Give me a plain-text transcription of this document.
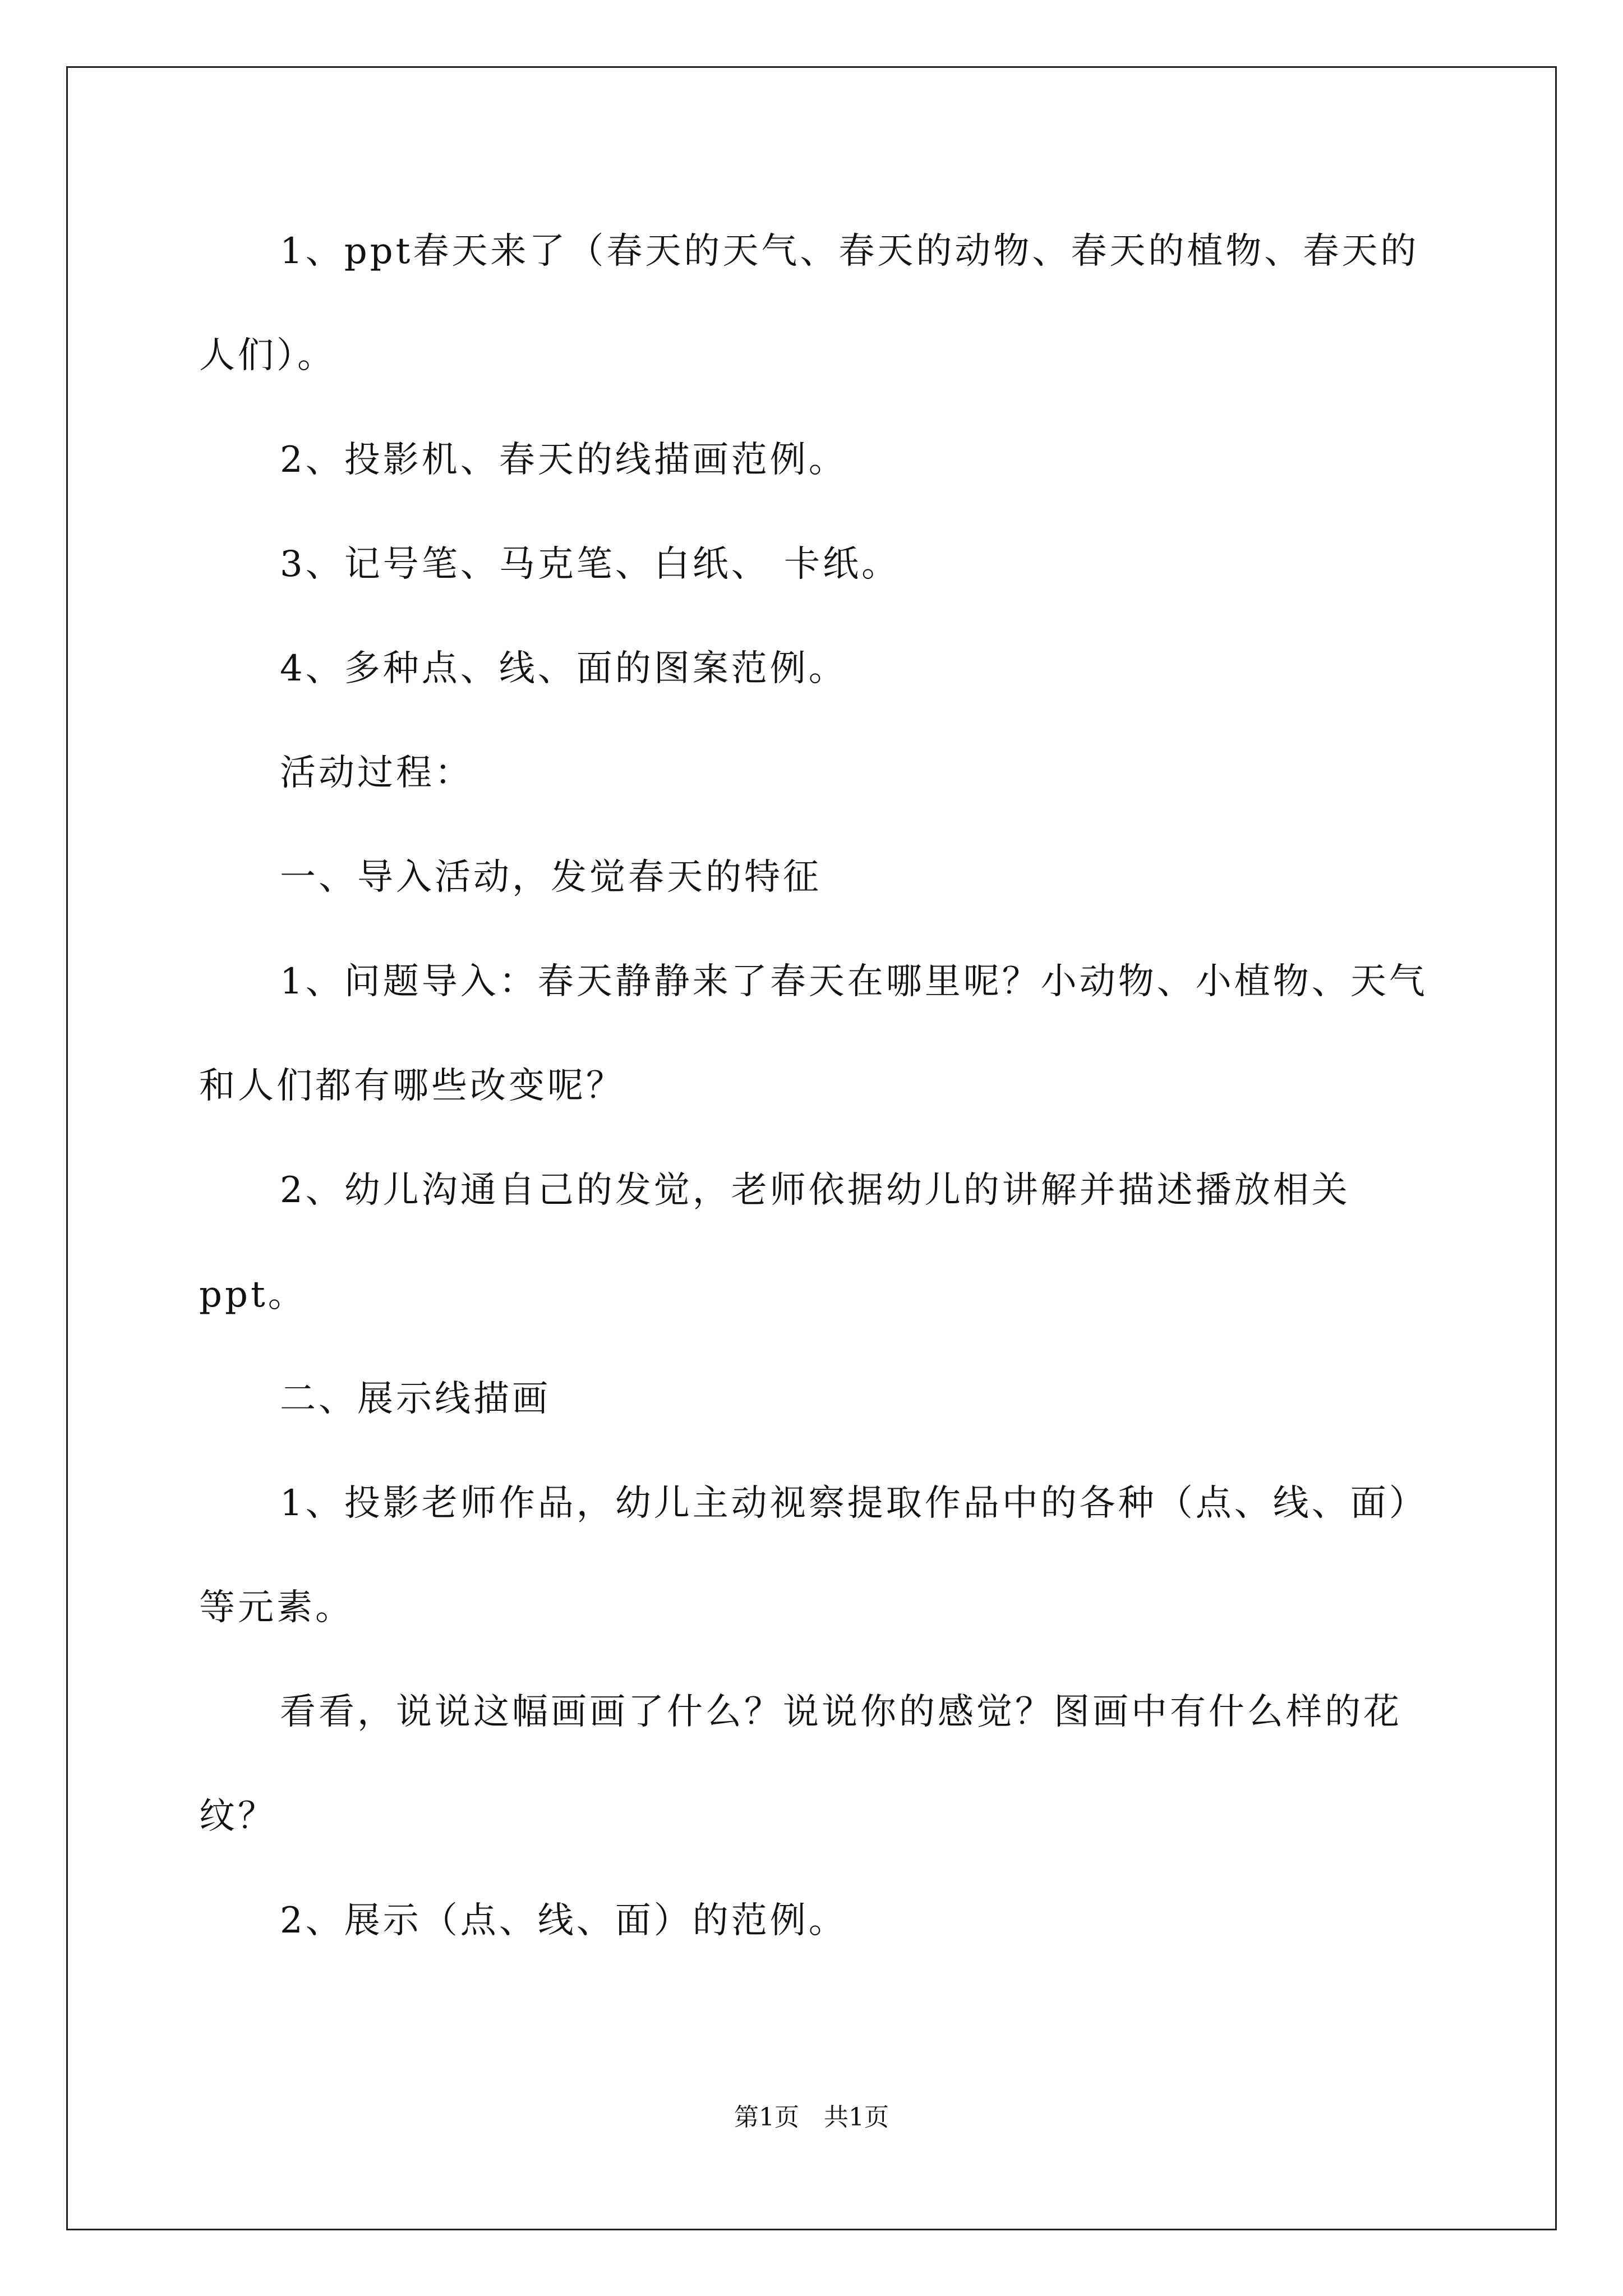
1、ppt春天来了（春天的天气、春天的动物、春天的植物、春天的人们）。

2、投影机、春天的线描画范例。

3、记号笔、马克笔、白纸、 卡纸。

4、多种点、线、面的图案范例。

活动过程：

一、导入活动，发觉春天的特征

1、问题导入：春天静静来了春天在哪里呢？小动物、小植物、天气和人们都有哪些改变呢？

2、幼儿沟通自己的发觉，老师依据幼儿的讲解并描述播放相关ppt。

二、展示线描画

1、投影老师作品，幼儿主动视察提取作品中的各种（点、线、面）等元素。

看看，说说这幅画画了什么？说说你的感觉？图画中有什么样的花纹？

2、展示（点、线、面）的范例。

第1页　共1页
